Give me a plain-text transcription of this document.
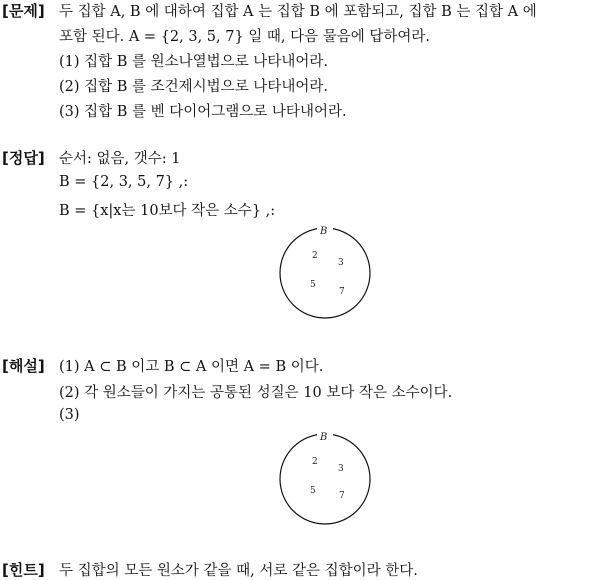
[문제] 두 집합 A, B 에 대하여 집합 A 는 집합 B 에 포함되고, 집합 B 는 집합 A 에
포함 된다. A = {2, 3, 5, 7} 일 때, 다음 물음에 답하여라.
(1) 집합 B 를 원소나열법으로 나타내어라.
(2) 집합 B 를 조건제시법으로 나타내어라.
(3) 집합 B 를 벤 다이어그램으로 나타내어라.
[정답] 순서: 없음, 갯수: 1
B = {2, 3, 5, 7} ,:
B = {x|x는 10보다 작은 소수} ,:
B
2
3
5
7
[해설] (1) A ⊂ B 이고 B ⊂ A 이면 A = B 이다.
(2) 각 원소들이 가지는 공통된 성질은 10 보다 작은 소수이다.
(3)
B
2
3
5	7
[힌트] 두 집합의 모든 원소가 같을 때, 서로 같은 집합이라 한다.
